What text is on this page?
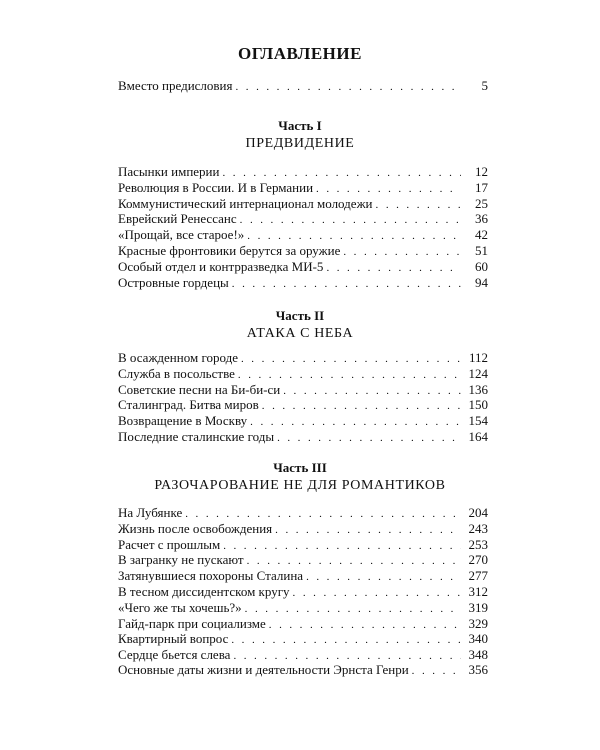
ОГЛАВЛЕНИЕ
Вместо предисловия . . .	5
Часть I
ПРЕДВИДЕНИЕ
Пасынки империи . . .	12
Революция в России. И в Германии . . .	17
Коммунистический интернационал молодежи . . .	25
Еврейский Ренессанс . . .	36
«Прощай, все старое!» . . .	42
Красные фронтовики берутся за оружие . . .	51
Особый отдел и контрразведка МИ-5 . . .	60
Островные гордецы . . .	94
Часть II
АТАКА С НЕБА
В осажденном городе . . .	112
Служба в посольстве . . .	124
Советские песни на Би-би-си . . .	136
Сталинград. Битва миров . . .	150
Возвращение в Москву . . .	154
Последние сталинские годы . . .	164
Часть III
РАЗОЧАРОВАНИЕ НЕ ДЛЯ РОМАНТИКОВ
На Лубянке . . .	204
Жизнь после освобождения . . .	243
Расчет с прошлым . . .	253
В загранку не пускают . . .	270
Затянувшиеся похороны Сталина . . .	277
В тесном диссидентском кругу . . .	312
«Чего же ты хочешь?» . . .	319
Гайд-парк при социализме . . .	329
Квартирный вопрос . . .	340
Сердце бьется слева . . .	348
Основные даты жизни и деятельности Эрнста Генри . . .	356
